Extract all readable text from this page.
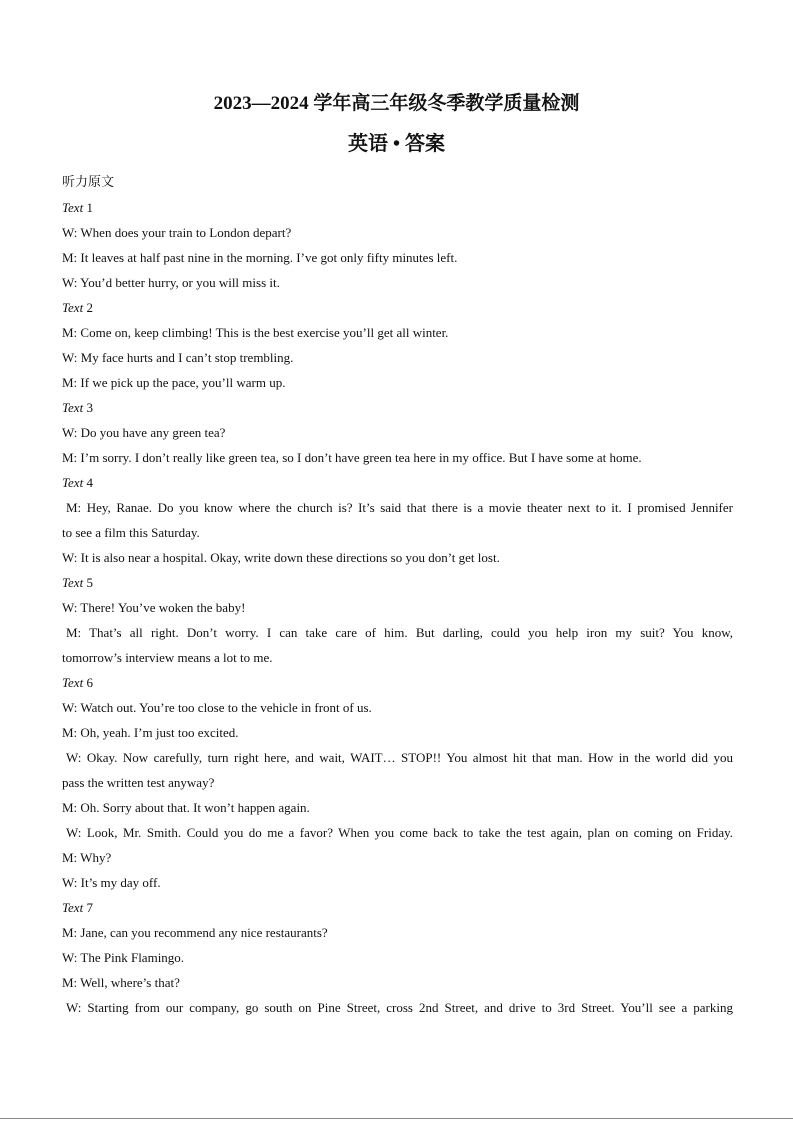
2023—2024 学年高三年级冬季教学质量检测
英语 • 答案
听力原文
Text 1
W: When does your train to London depart?
M: It leaves at half past nine in the morning. I’ve got only fifty minutes left.
W: You’d better hurry, or you will miss it.
Text 2
M: Come on, keep climbing! This is the best exercise you’ll get all winter.
W: My face hurts and I can’t stop trembling.
M: If we pick up the pace, you’ll warm up.
Text 3
W: Do you have any green tea?
M: I’m sorry. I don’t really like green tea, so I don’t have green tea here in my office. But I have some at home.
Text 4
M: Hey, Ranae. Do you know where the church is? It’s said that there is a movie theater next to it. I promised Jennifer
to see a film this Saturday.
W: It is also near a hospital. Okay, write down these directions so you don’t get lost.
Text 5
W: There! You’ve woken the baby!
M: That’s all right. Don’t worry. I can take care of him. But darling, could you help iron my suit? You know,
tomorrow’s interview means a lot to me.
Text 6
W: Watch out. You’re too close to the vehicle in front of us.
M: Oh, yeah. I’m just too excited.
W: Okay. Now carefully, turn right here, and wait, WAIT… STOP!! You almost hit that man. How in the world did you
pass the written test anyway?
M: Oh. Sorry about that. It won’t happen again.
W: Look, Mr. Smith. Could you do me a favor? When you come back to take the test again, plan on coming on Friday.
M: Why?
W: It’s my day off.
Text 7
M: Jane, can you recommend any nice restaurants?
W: The Pink Flamingo.
M: Well, where’s that?
W: Starting from our company, go south on Pine Street, cross 2nd Street, and drive to 3rd Street. You’ll see a parking
